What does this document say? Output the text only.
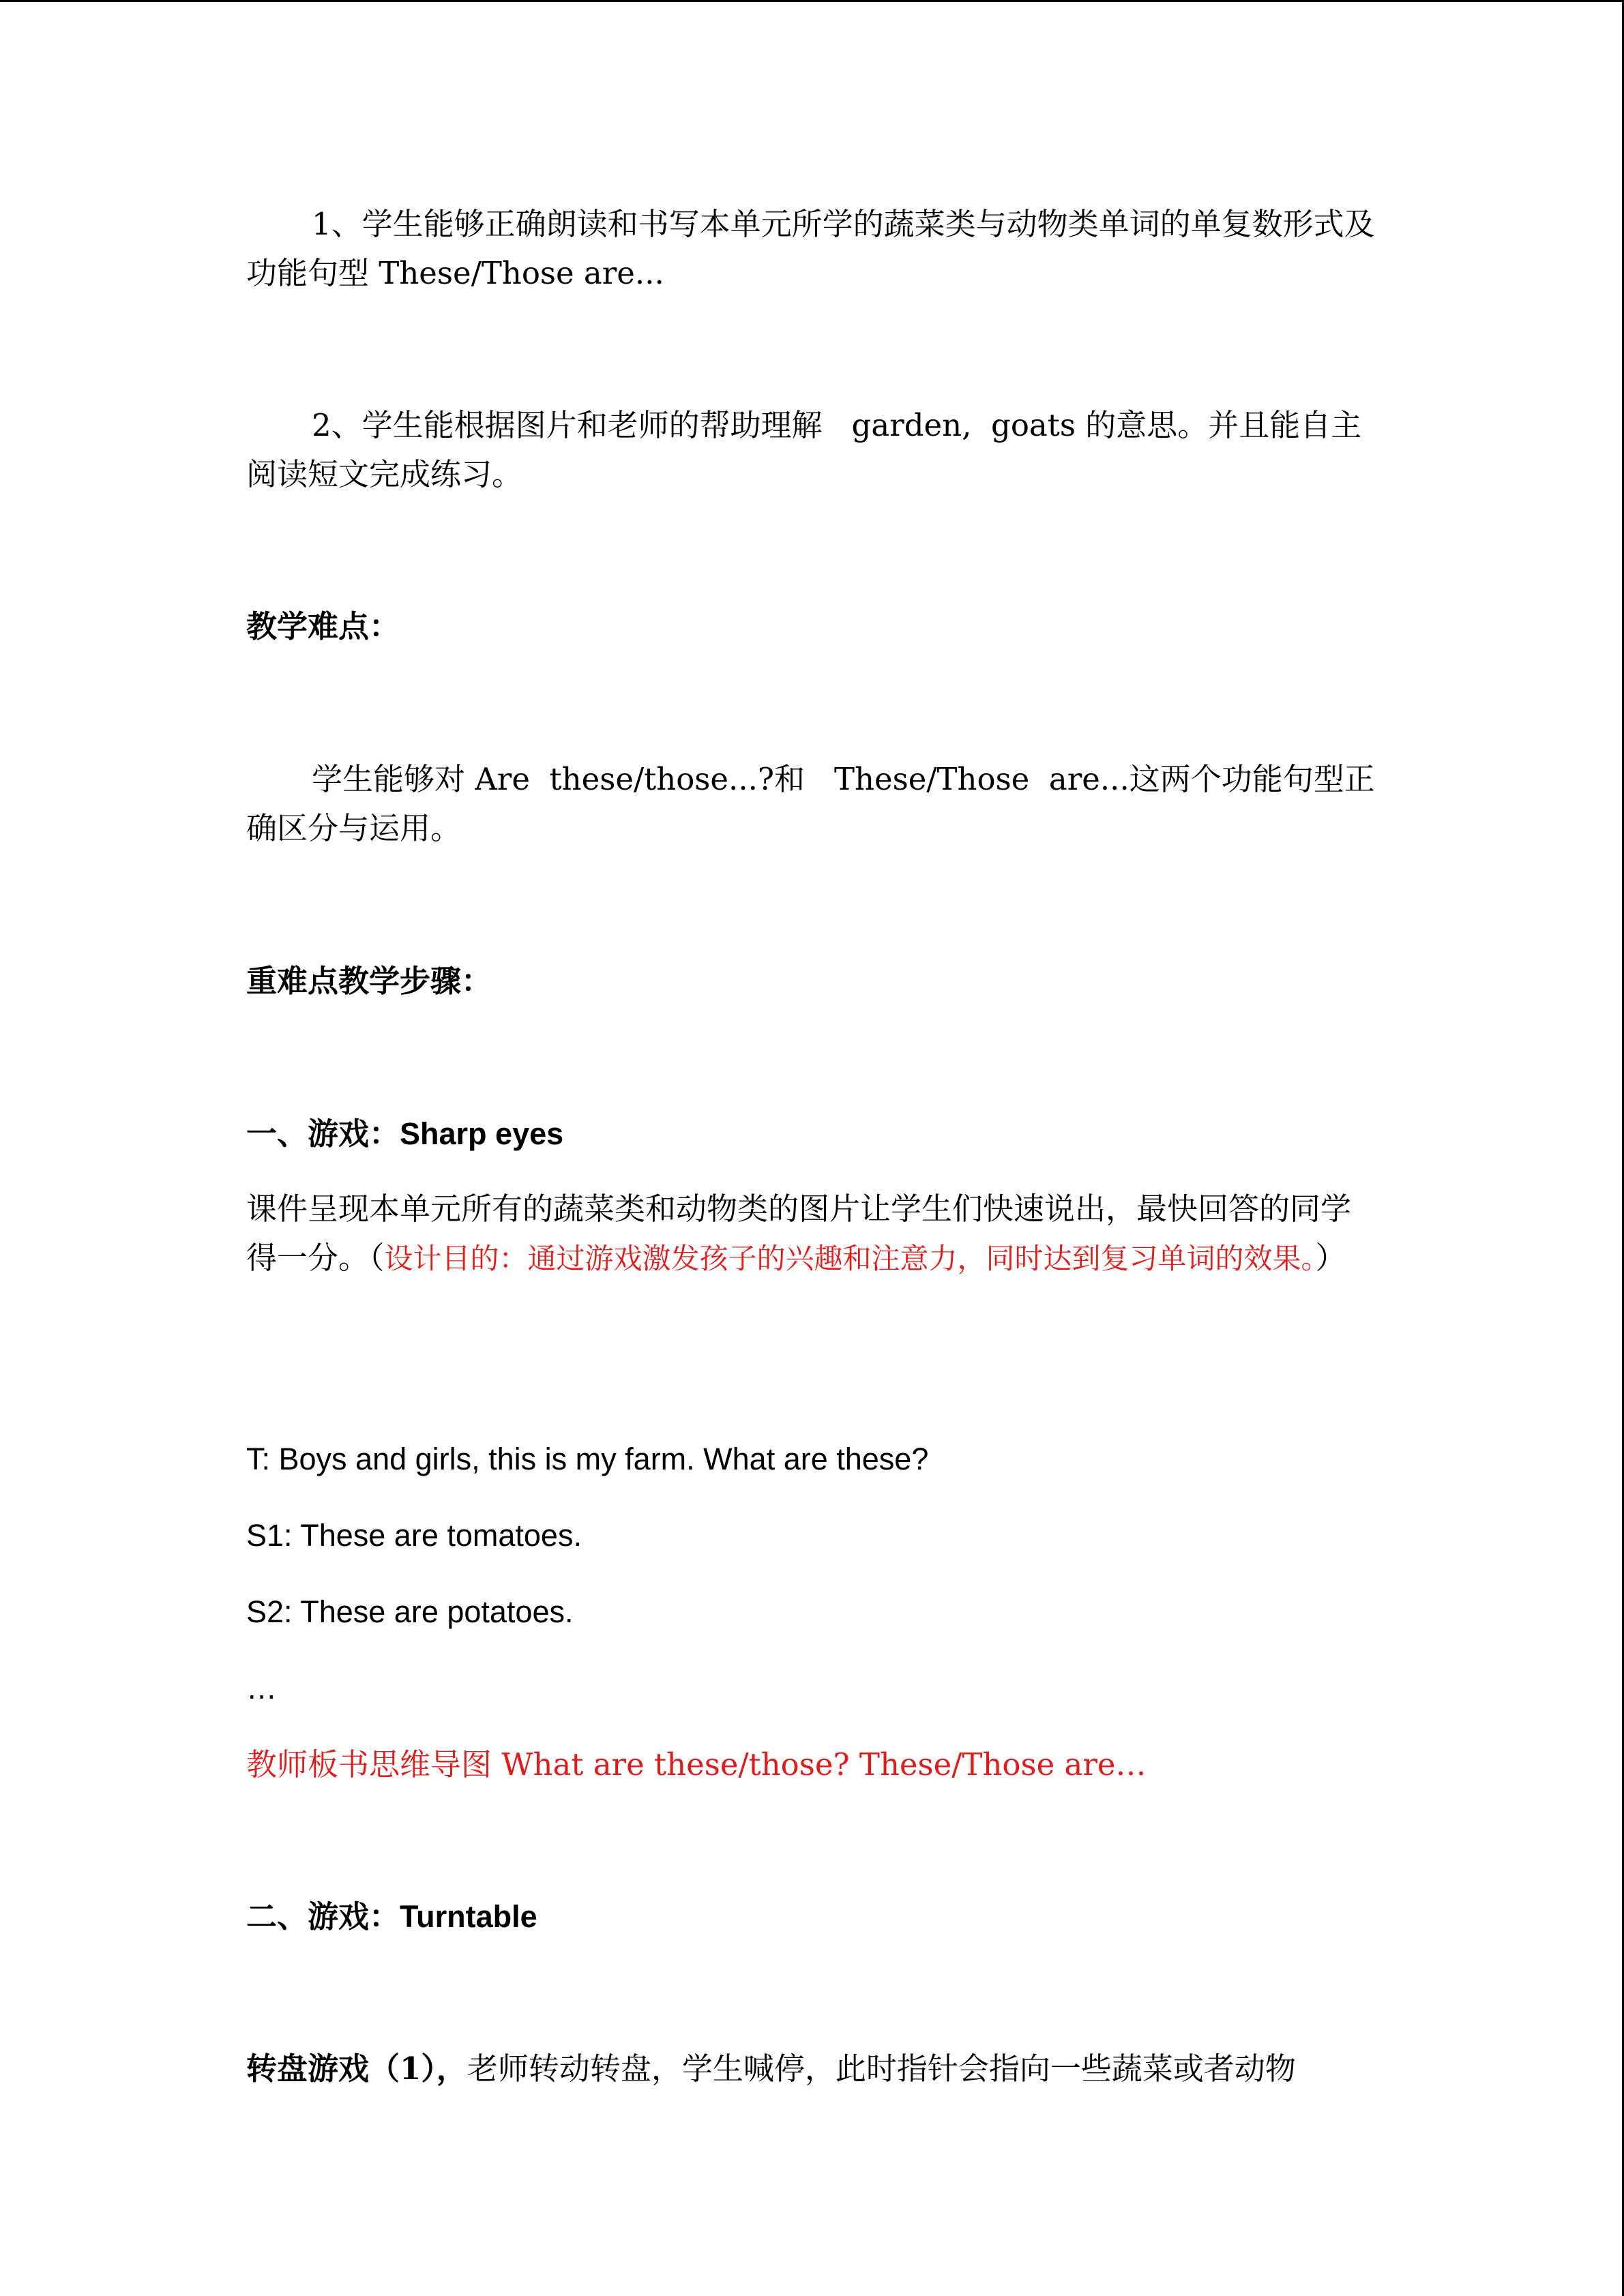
1、学生能够正确朗读和书写本单元所学的蔬菜类与动物类单词的单复数形式及功能句型 These/Those are...

2、学生能根据图片和老师的帮助理解   garden,  goats 的意思。并且能自主阅读短文完成练习。

教学难点：

学生能够对 Are  these/those...?和   These/Those  are...这两个功能句型正确区分与运用。

重难点教学步骤：

一、游戏：Sharp eyes

课件呈现本单元所有的蔬菜类和动物类的图片让学生们快速说出，最快回答的同学得一分。（设计目的：通过游戏激发孩子的兴趣和注意力，同时达到复习单词的效果。）

T: Boys and girls, this is my farm. What are these?

S1: These are tomatoes.

S2: These are potatoes.

…

教师板书思维导图 What are these/those? These/Those are…

二、游戏：Turntable

转盘游戏（1），老师转动转盘，学生喊停，此时指针会指向一些蔬菜或者动物
